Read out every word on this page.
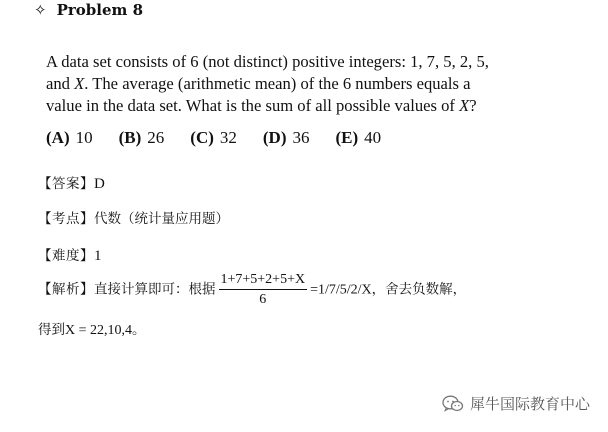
✧ Problem 8
A data set consists of 6 (not distinct) positive integers: 1, 7, 5, 2, 5,
and X. The average (arithmetic mean) of the 6 numbers equals a
value in the data set. What is the sum of all possible values of X?
(A) 10 (B) 26 (C) 32 (D) 36 (E) 40
【答案】D
【考点】代数（统计量应用题）
【难度】1
【解析】直接计算即可：根据 $\frac{1+7+5+2+5+X}{6} =1/7/5/2/X$，舍去负数解，
得到X = 22,10,4。
犀牛国际教育中心
